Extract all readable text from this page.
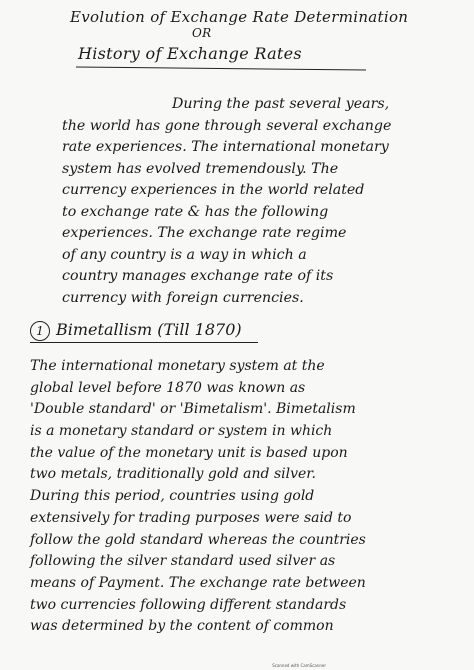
Evolution of Exchange Rate Determination
OR
History of Exchange Rates
During the past several years,
the world has gone through several exchange
rate experiences. The international monetary
system has evolved tremendously. The
currency experiences in the world related
to exchange rate & has the following
experiences. The exchange rate regime
of any country is a way in which a
country manages exchange rate of its
currency with foreign currencies.
1 Bimetallism (Till 1870)
The international monetary system at the
global level before 1870 was known as
'Double standard' or 'Bimetalism'. Bimetalism
is a monetary standard or system in which
the value of the monetary unit is based upon
two metals, traditionally gold and silver.
During this period, countries using gold
extensively for trading purposes were said to
follow the gold standard whereas the countries
following the silver standard used silver as
means of Payment. The exchange rate between
two currencies following different standards
was determined by the content of common
Scanned with CamScanner
